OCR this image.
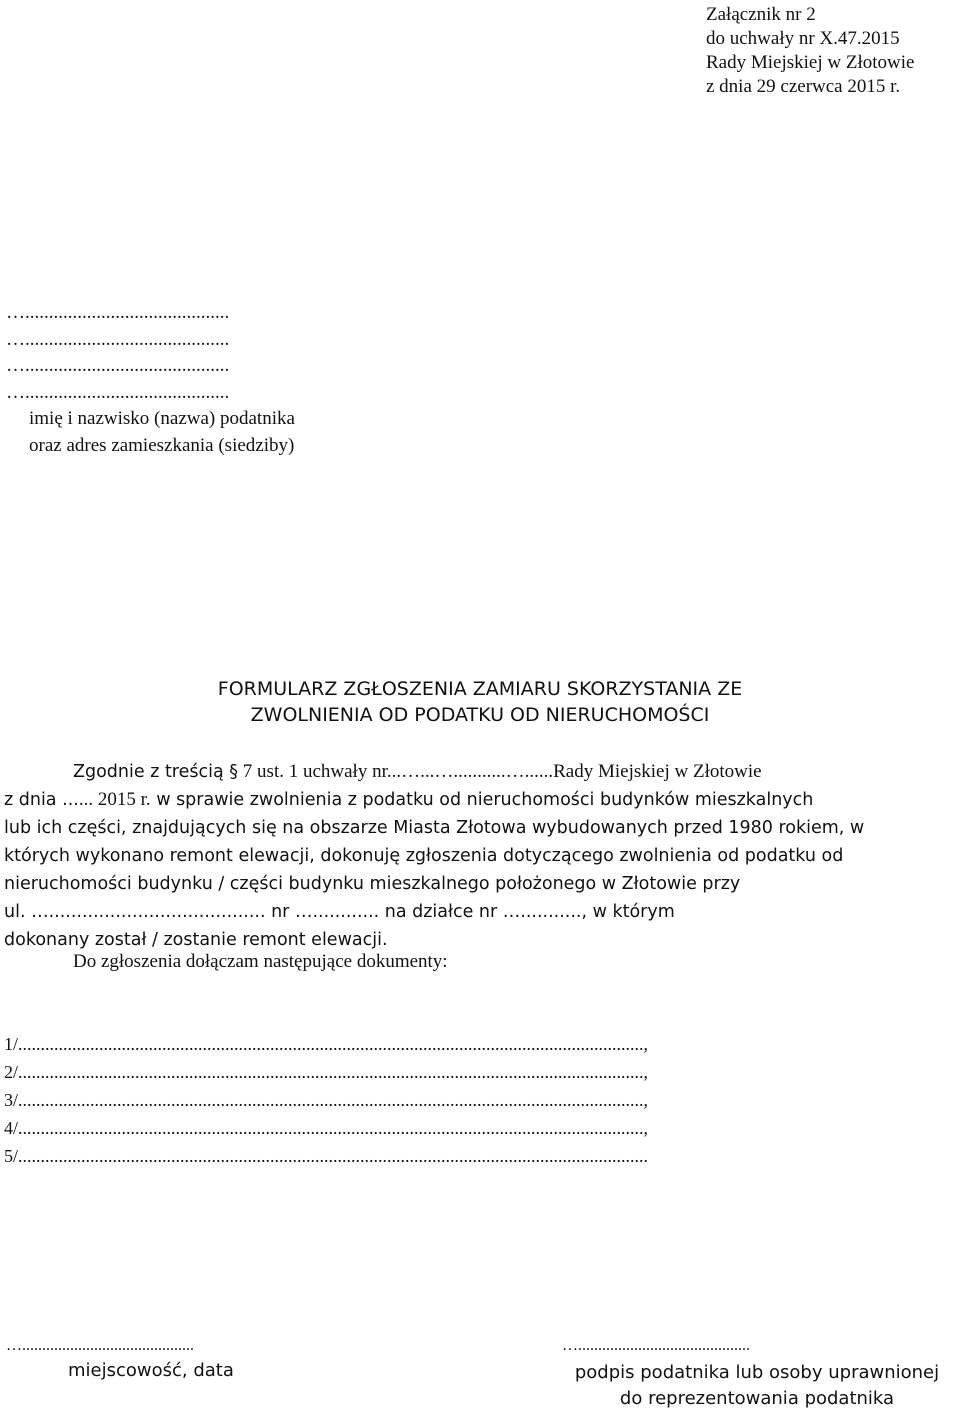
Załącznik nr 2
do uchwały nr X.47.2015
Rady Miejskiej w Złotowie
z dnia 29 czerwca 2015 r.
…...........................................
…...........................................
…...........................................
…...........................................
imię i nazwisko (nazwa) podatnika
oraz adres zamieszkania (siedziby)
FORMULARZ ZGŁOSZENIA ZAMIARU SKORZYSTANIA ZE
ZWOLNIENIA OD PODATKU OD NIERUCHOMOŚCI
Zgodnie z treścią § 7 ust. 1 uchwały nr...…...…...........…......Rady Miejskiej w Złotowie
z dnia ...... 2015 r. w sprawie zwolnienia z podatku od nieruchomości budynków mieszkalnych
lub ich części, znajdujących się na obszarze Miasta Złotowa wybudowanych przed 1980 rokiem, w
których wykonano remont elewacji, dokonuję zgłoszenia dotyczącego zwolnienia od podatku od
nieruchomości budynku / części budynku mieszkalnego położonego w Złotowie przy
ul. …....................................... nr …............ na działce nr …..........., w którym
dokonany został / zostanie remont elewacji.
Do zgłoszenia dołączam następujące dokumenty:
1/...........................................................................................................................................,
2/...........................................................................................................................................,
3/...........................................................................................................................................,
4/...........................................................................................................................................,
5/............................................................................................................................................
…...........................................
miejscowość, data
…...........................................
podpis podatnika lub osoby uprawnionej
do reprezentowania podatnika
